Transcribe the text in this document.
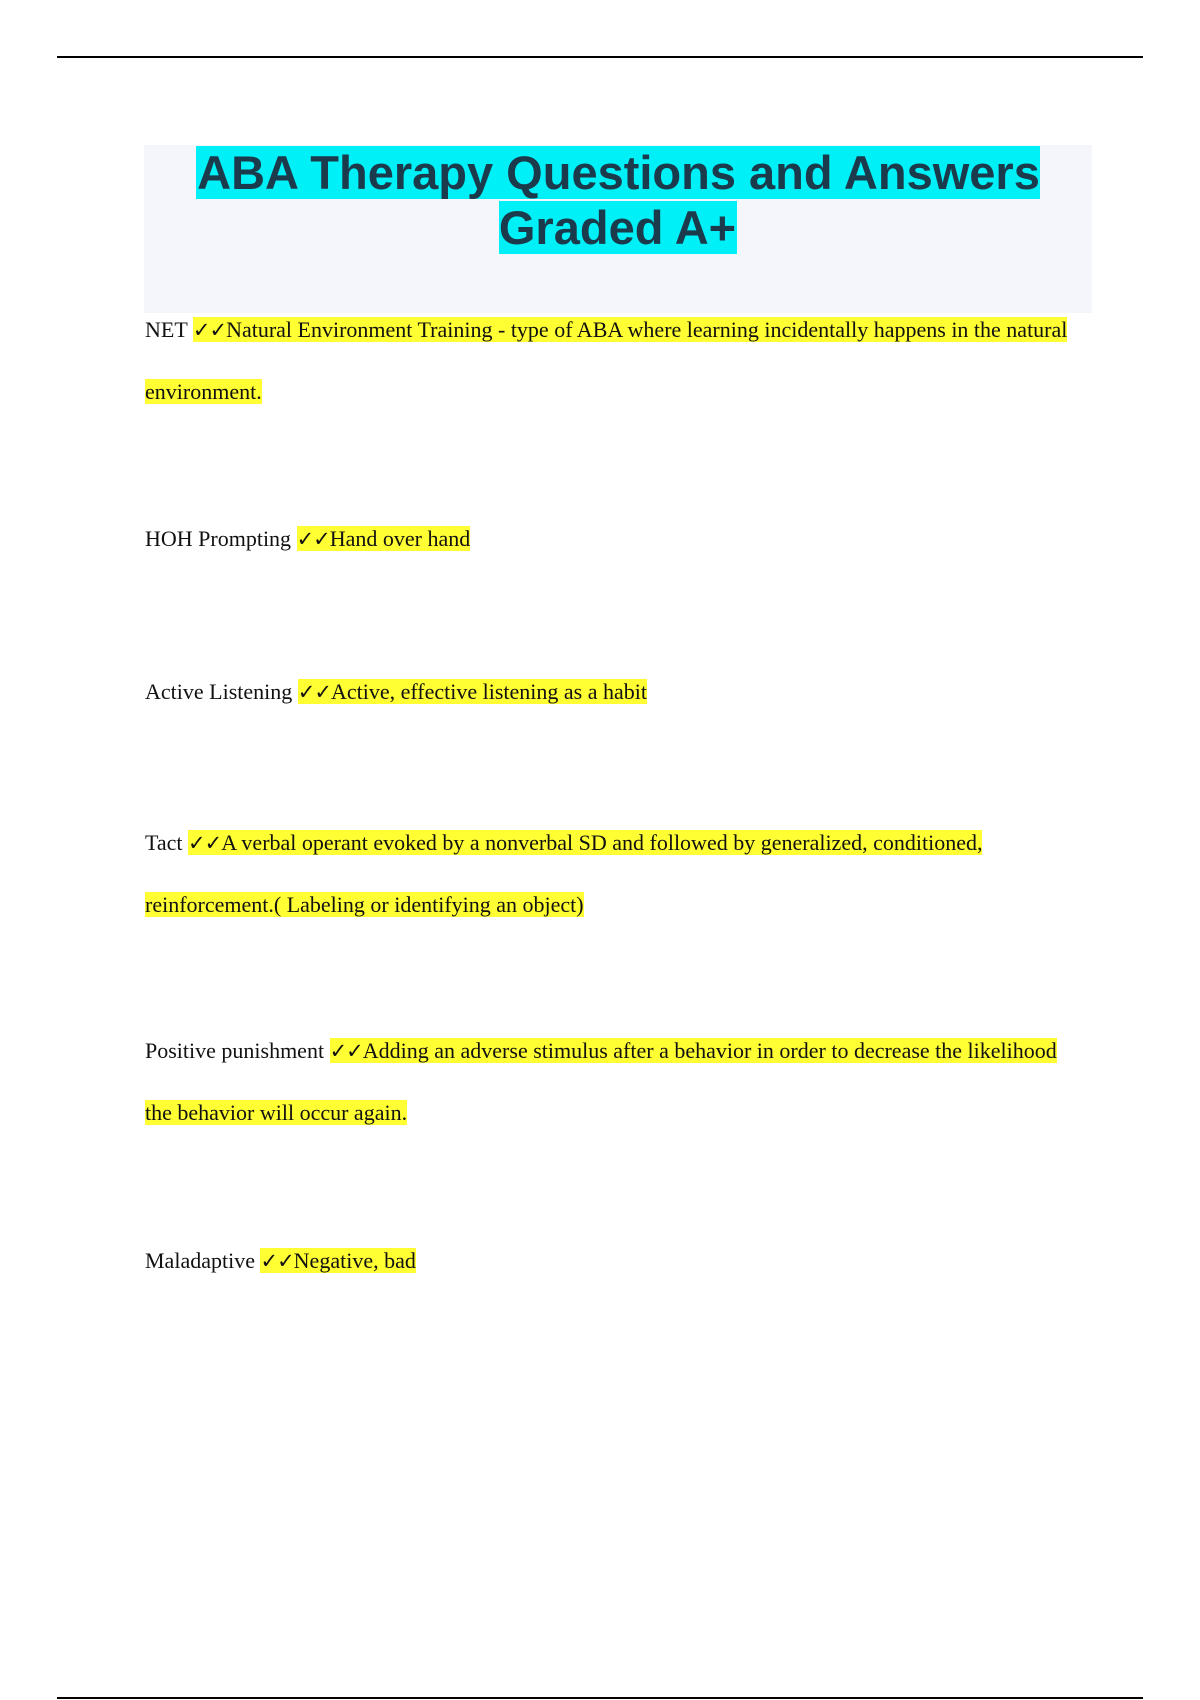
ABA Therapy Questions and Answers Graded A+
NET ✓✓Natural Environment Training - type of ABA where learning incidentally happens in the natural environment.
HOH Prompting ✓✓Hand over hand
Active Listening ✓✓Active, effective listening as a habit
Tact ✓✓A verbal operant evoked by a nonverbal SD and followed by generalized, conditioned, reinforcement.( Labeling or identifying an object)
Positive punishment ✓✓Adding an adverse stimulus after a behavior in order to decrease the likelihood the behavior will occur again.
Maladaptive ✓✓Negative, bad
